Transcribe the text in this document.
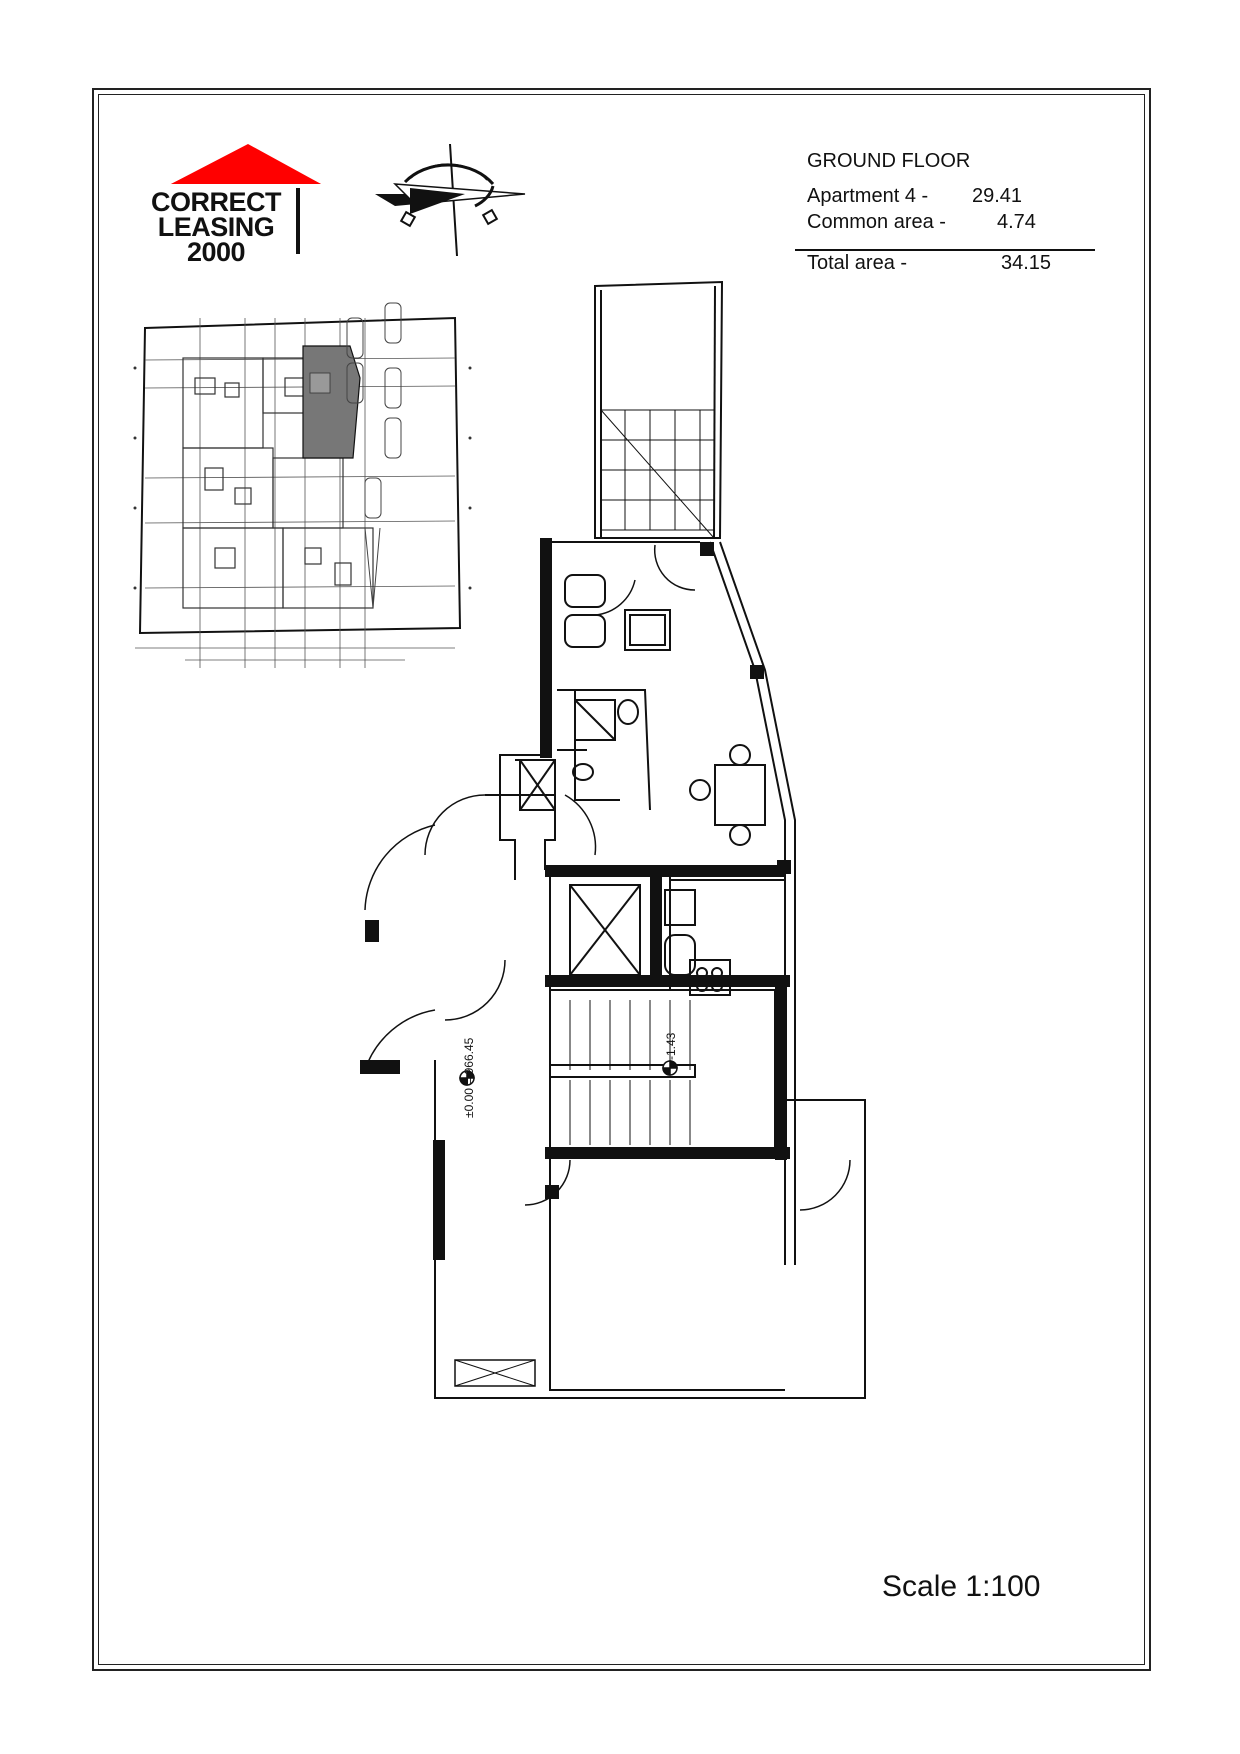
CORRECT
LEASING
2000
GROUND FLOOR
Apartment 4 - 29.41
Common area -	4.74
Total area -	34.15
±0.00 = 966.45	-1.43
Scale 1:100
